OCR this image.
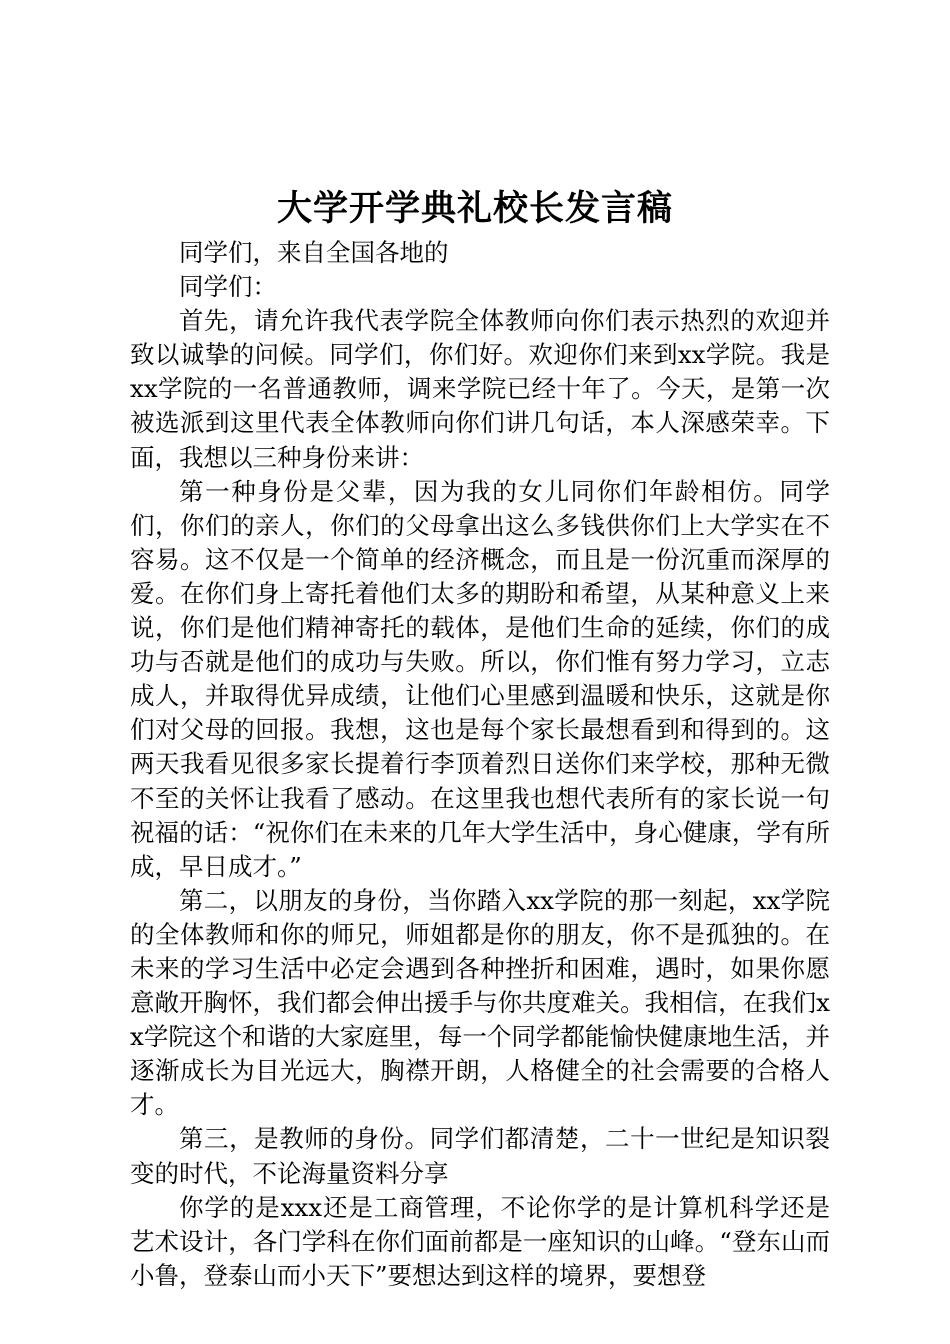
大学开学典礼校长发言稿

同学们，来自全国各地的

同学们：

首先，请允许我代表学院全体教师向你们表示热烈的欢迎并致以诚挚的问候。同学们，你们好。欢迎你们来到xx学院。我是xx学院的一名普通教师，调来学院已经十年了。今天，是第一次被选派到这里代表全体教师向你们讲几句话，本人深感荣幸。下面，我想以三种身份来讲：

第一种身份是父辈，因为我的女儿同你们年龄相仿。同学们，你们的亲人，你们的父母拿出这么多钱供你们上大学实在不容易。这不仅是一个简单的经济概念，而且是一份沉重而深厚的爱。在你们身上寄托着他们太多的期盼和希望，从某种意义上来说，你们是他们精神寄托的载体，是他们生命的延续，你们的成功与否就是他们的成功与失败。所以，你们惟有努力学习，立志成人，并取得优异成绩，让他们心里感到温暖和快乐，这就是你们对父母的回报。我想，这也是每个家长最想看到和得到的。这两天我看见很多家长提着行李顶着烈日送你们来学校，那种无微不至的关怀让我看了感动。在这里我也想代表所有的家长说一句祝福的话：“祝你们在未来的几年大学生活中，身心健康，学有所成，早日成才。”

第二，以朋友的身份，当你踏入xx学院的那一刻起，xx学院的全体教师和你的师兄，师姐都是你的朋友，你不是孤独的。在未来的学习生活中必定会遇到各种挫折和困难，遇时，如果你愿意敞开胸怀，我们都会伸出援手与你共度难关。我相信，在我们xx学院这个和谐的大家庭里，每一个同学都能愉快健康地生活，并逐渐成长为目光远大，胸襟开朗，人格健全的社会需要的合格人才。

第三，是教师的身份。同学们都清楚，二十一世纪是知识裂变的时代，不论海量资料分享

你学的是xxx还是工商管理，不论你学的是计算机科学还是艺术设计，各门学科在你们面前都是一座知识的山峰。“登东山而小鲁，登泰山而小天下”要想达到这样的境界，要想登
